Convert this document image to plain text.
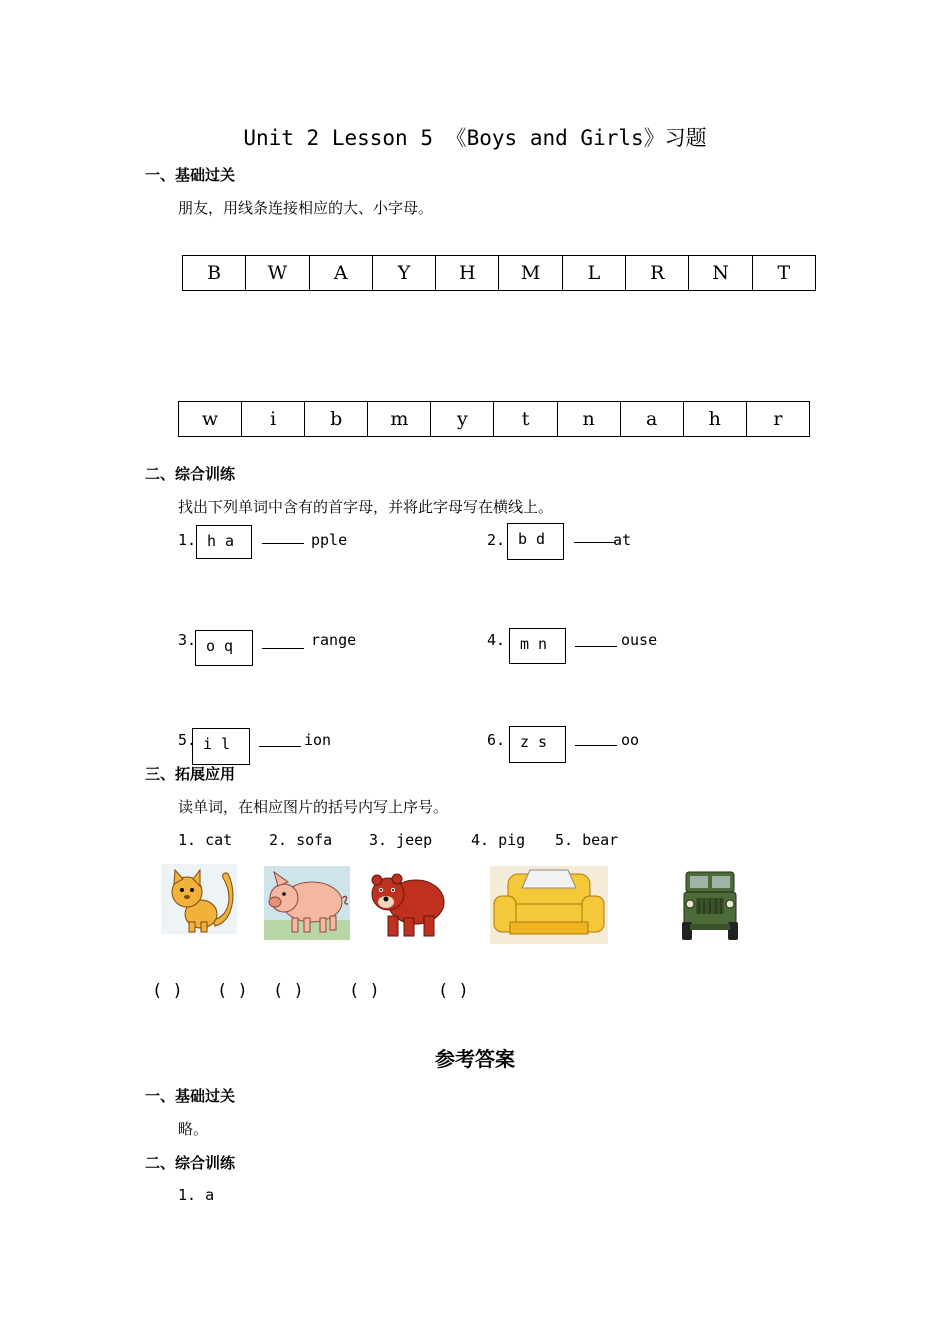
Unit 2 Lesson 5 《Boys and Girls》习题
一、基础过关
朋友，用线条连接相应的大、小字母。
B	W	A	Y	H	M	L	R	N	T
w	i	b	m	y	t	n	a	h	r
二、综合训练
找出下列单词中含有的首字母，并将此字母写在横线上。
1. h a	pple	2. b d	at
3. o q	range	4. m n	ouse
5. i l	ion	6. z s	oo
三、拓展应用
读单词，在相应图片的括号内写上序号。
1. cat 2. sofa 3. jeep	4. pig 5. bear
( ) ( ) ( )	( )	( )
参考答案
一、基础过关
略。
二、综合训练
1. a
